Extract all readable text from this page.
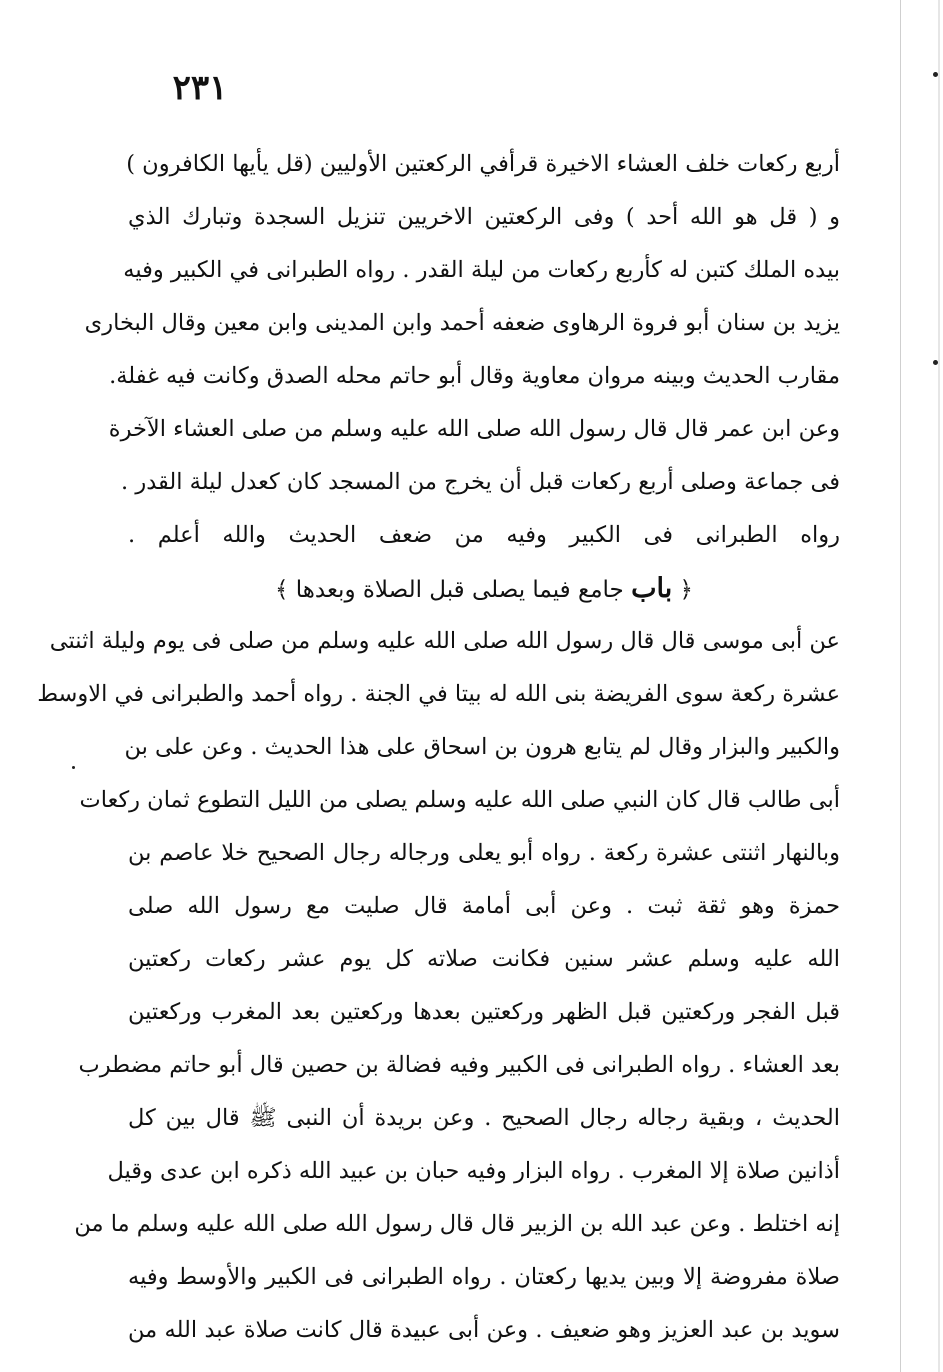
٢٣١
أربع ركعات خلف العشاء الاخيرة قرأفي الركعتين الأوليين (قل يأيها الكافرون )
و ( قل هو الله أحد ) وفى الركعتين الاخريين تنزيل السجدة وتبارك الذي
بيده الملك كتبن له كأربع ركعات من ليلة القدر . رواه الطبرانى في الكبير وفيه
يزيد بن سنان أبو فروة الرهاوى ضعفه أحمد وابن المدينى وابن معين وقال البخارى
مقارب الحديث وبينه مروان معاوية وقال أبو حاتم محله الصدق وكانت فيه غفلة.
وعن ابن عمر قال قال رسول الله صلى الله عليه وسلم من صلى العشاء الآخرة
فى جماعة وصلى أربع ركعات قبل أن يخرج من المسجد كان كعدل ليلة القدر .
رواه الطبرانى فى الكبير وفيه من ضعف الحديث والله أعلم .
﴿ باب جامع فيما يصلى قبل الصلاة وبعدها ﴾
عن أبى موسى قال قال رسول الله صلى الله عليه وسلم من صلى فى يوم وليلة اثنتى
عشرة ركعة سوى الفريضة بنى الله له بيتا في الجنة . رواه أحمد والطبرانى في الاوسط
والكبير والبزار وقال لم يتابع هرون بن اسحاق على هذا الحديث . وعن على بن
أبى طالب قال كان النبي صلى الله عليه وسلم يصلى من الليل التطوع ثمان ركعات
وبالنهار اثنتى عشرة ركعة . رواه أبو يعلى ورجاله رجال الصحيح خلا عاصم بن
حمزة وهو ثقة ثبت . وعن أبى أمامة قال صليت مع رسول الله صلى
الله عليه وسلم عشر سنين فكانت صلاته كل يوم عشر ركعات ركعتين
قبل الفجر وركعتين قبل الظهر وركعتين بعدها وركعتين بعد المغرب وركعتين
بعد العشاء . رواه الطبرانى فى الكبير وفيه فضالة بن حصين قال أبو حاتم مضطرب
الحديث ، وبقية رجاله رجال الصحيح . وعن بريدة أن النبى ﷺ قال بين كل
أذانين صلاة إلا المغرب . رواه البزار وفيه حبان بن عبيد الله ذكره ابن عدى وقيل
إنه اختلط . وعن عبد الله بن الزبير قال قال رسول الله صلى الله عليه وسلم ما من
صلاة مفروضة إلا وبين يديها ركعتان . رواه الطبرانى فى الكبير والأوسط وفيه
سويد بن عبد العزيز وهو ضعيف . وعن أبى عبيدة قال كانت صلاة عبد الله من
